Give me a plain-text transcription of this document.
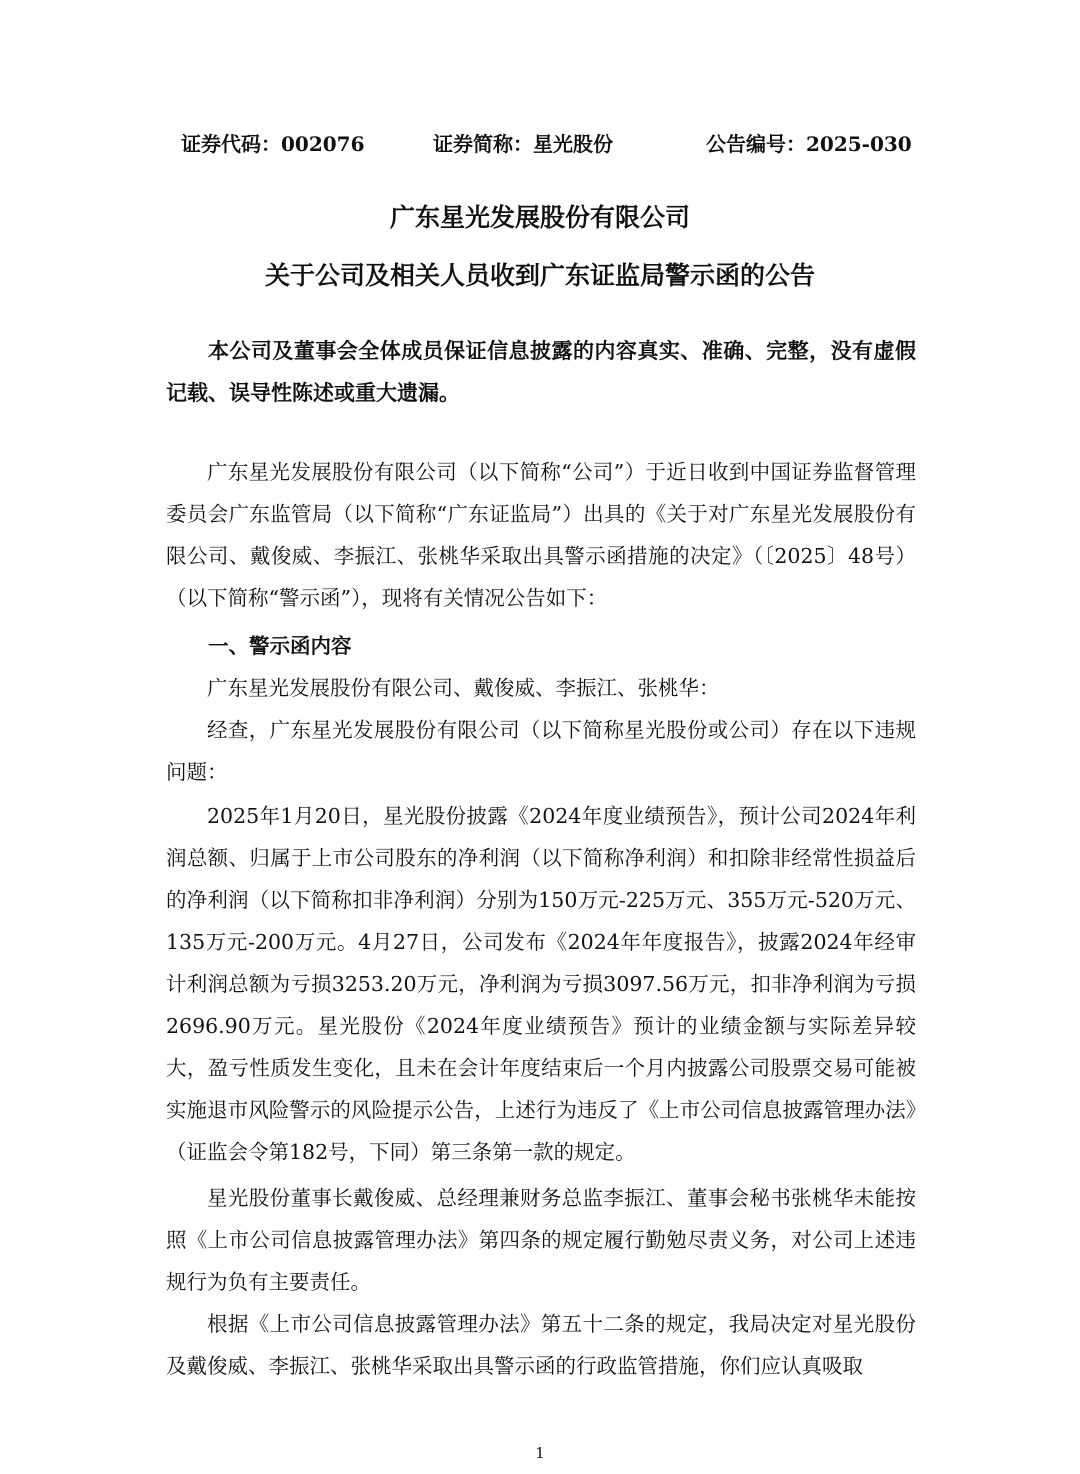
证券代码：002076	证券简称：星光股份	公告编号：2025-030
广东星光发展股份有限公司
关于公司及相关人员收到广东证监局警示函的公告

本公司及董事会全体成员保证信息披露的内容真实、准确、完整，没有虚假记载、误导性陈述或重大遗漏。

广东星光发展股份有限公司（以下简称“公司”）于近日收到中国证券监督管理委员会广东监管局（以下简称“广东证监局”）出具的《关于对广东星光发展股份有限公司、戴俊威、李振江、张桃华采取出具警示函措施的决定》（〔2025〕48号）（以下简称“警示函”），现将有关情况公告如下：

一、警示函内容

广东星光发展股份有限公司、戴俊威、李振江、张桃华：

经查，广东星光发展股份有限公司（以下简称星光股份或公司）存在以下违规问题：

2025年1月20日，星光股份披露《2024年度业绩预告》，预计公司2024年利润总额、归属于上市公司股东的净利润（以下简称净利润）和扣除非经常性损益后的净利润（以下简称扣非净利润）分别为150万元-225万元、355万元-520万元、135万元-200万元。4月27日，公司发布《2024年年度报告》，披露2024年经审计利润总额为亏损3253.20万元，净利润为亏损3097.56万元，扣非净利润为亏损2696.90万元。星光股份《2024年度业绩预告》预计的业绩金额与实际差异较大，盈亏性质发生变化，且未在会计年度结束后一个月内披露公司股票交易可能被实施退市风险警示的风险提示公告，上述行为违反了《上市公司信息披露管理办法》（证监会令第182号，下同）第三条第一款的规定。

星光股份董事长戴俊威、总经理兼财务总监李振江、董事会秘书张桃华未能按照《上市公司信息披露管理办法》第四条的规定履行勤勉尽责义务，对公司上述违规行为负有主要责任。

根据《上市公司信息披露管理办法》第五十二条的规定，我局决定对星光股份及戴俊威、李振江、张桃华采取出具警示函的行政监管措施，你们应认真吸取

1
